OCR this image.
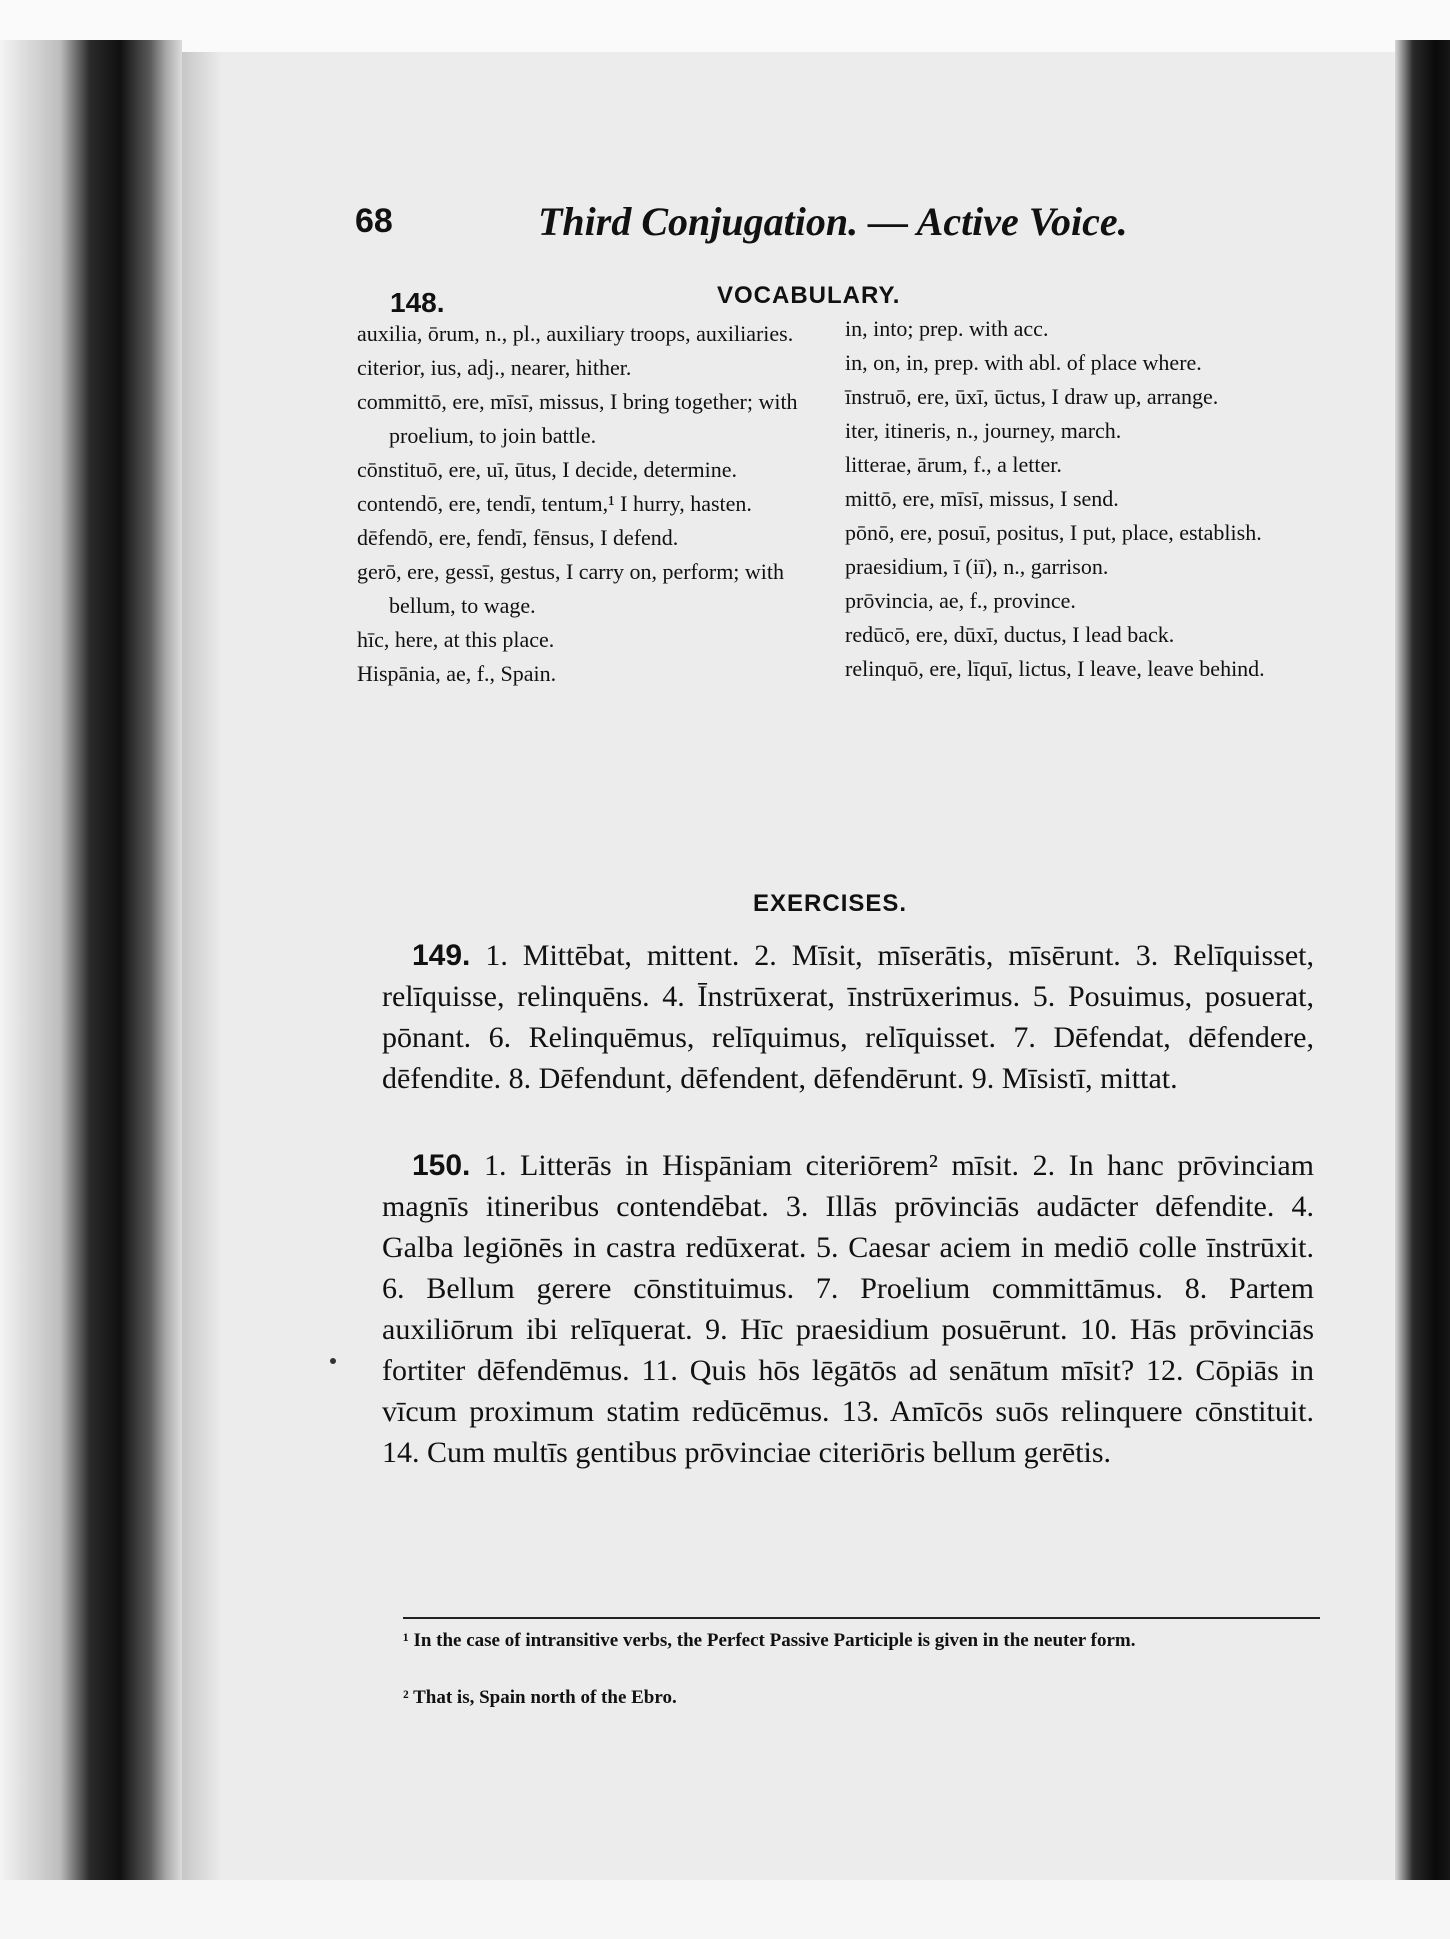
68	Third Conjugation. — Active Voice.
148.	VOCABULARY.

auxilia, ōrum, n., pl., auxiliary troops, auxiliaries.

citerior, ius, adj., nearer, hither.

committō, ere, mīsī, missus, I bring together; with proelium, to join battle.

cōnstituō, ere, uī, ūtus, I decide, determine.

contendō, ere, tendī, tentum,¹ I hurry, hasten.

dēfendō, ere, fendī, fēnsus, I defend.

gerō, ere, gessī, gestus, I carry on, perform; with bellum, to wage.

hīc, here, at this place.

Hispānia, ae, f., Spain.

in, into; prep. with acc.

in, on, in, prep. with abl. of place where.

īnstruō, ere, ūxī, ūctus, I draw up, arrange.

iter, itineris, n., journey, march.

litterae, ārum, f., a letter.

mittō, ere, mīsī, missus, I send.

pōnō, ere, posuī, positus, I put, place, establish.

praesidium, ī (iī), n., garrison.

prōvincia, ae, f., province.

redūcō, ere, dūxī, ductus, I lead back.

relinquō, ere, līquī, lictus, I leave, leave behind.

EXERCISES.

149. 1. Mittēbat, mittent. 2. Mīsit, mīserātis, mīsērunt. 3. Relīquisset, relīquisse, relinquēns. 4. Īnstrūxerat, īnstrūxerimus. 5. Posuimus, posuerat, pōnant. 6. Relinquēmus, relīquimus, relīquisset. 7. Dēfendat, dēfendere, dēfendite. 8. Dēfendunt, dēfendent, dēfendērunt. 9. Mīsistī, mittat.

150. 1. Litterās in Hispāniam citeriōrem² mīsit. 2. In hanc prōvinciam magnīs itineribus contendēbat. 3. Illās prōvinciās audācter dēfendite. 4. Galba legiōnēs in castra redūxerat. 5. Caesar aciem in mediō colle īnstrūxit. 6. Bellum gerere cōnstituimus. 7. Proelium committāmus. 8. Partem auxiliōrum ibi relīquerat. 9. Hīc praesidium posuērunt. 10. Hās prōvinciās fortiter dēfendēmus. 11. Quis hōs lēgātōs ad senātum mīsit? 12. Cōpiās in vīcum proximum statim redūcēmus. 13. Amīcōs suōs relinquere cōnstituit. 14. Cum multīs gentibus prōvinciae citeriōris bellum gerētis.

¹ In the case of intransitive verbs, the Perfect Passive Participle is given in the neuter form.
² That is, Spain north of the Ebro.
